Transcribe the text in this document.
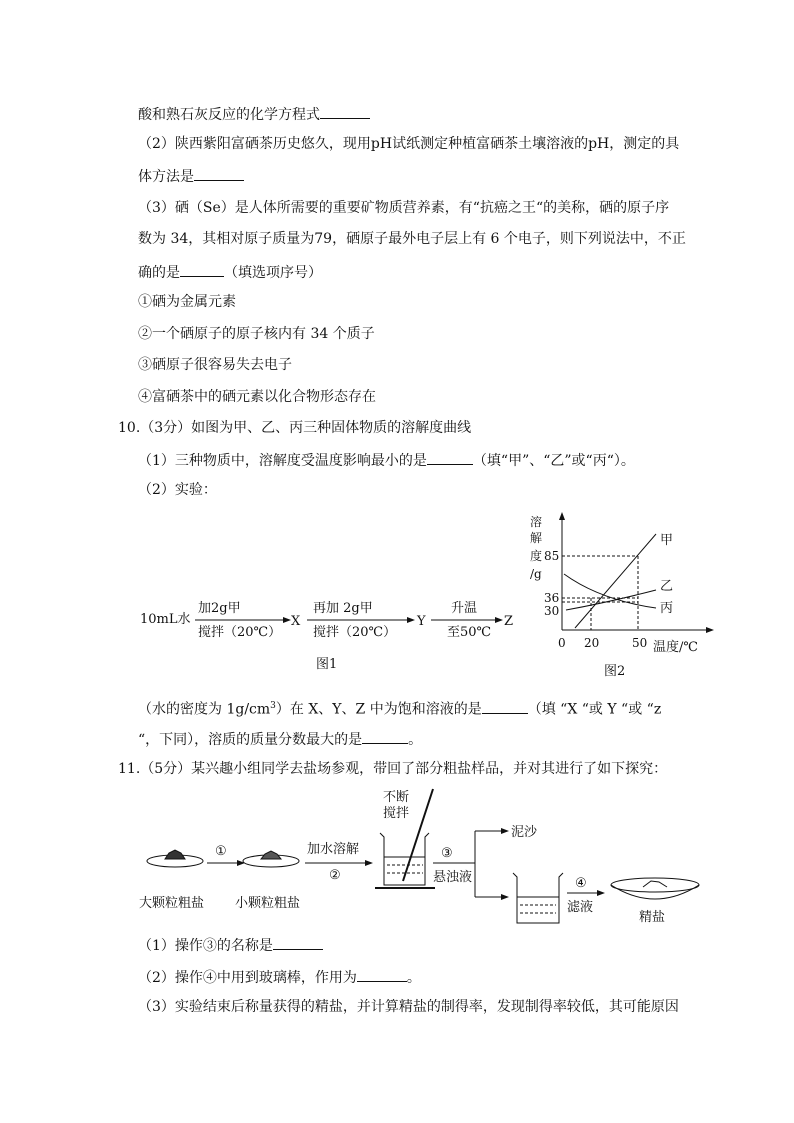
酸和熟石灰反应的化学方程式
（2）陕西紫阳富硒茶历史悠久，现用pH试纸测定种植富硒茶土壤溶液的pH，测定的具
体方法是
（3）硒（Se）是人体所需要的重要矿物质营养素，有“抗癌之王“的美称，硒的原子序
数为 34，其相对原子质量为79，硒原子最外电子层上有 6 个电子，则下列说法中，不正
确的是	（填选项序号）
①硒为金属元素
②一个硒原子的原子核内有 34 个质子
③硒原子很容易失去电子
④富硒茶中的硒元素以化合物形态存在
10.（3分）如图为甲、乙、丙三种固体物质的溶解度曲线
（1）三种物质中，溶解度受温度影响最小的是	（填“甲”、“乙”或“丙“）。
（2）实验：
10mL水
加2g甲
搅拌（20℃）
X
再加 2g甲
搅拌（20℃）
Y
升温
至50℃
Z
图1
溶
解
度
/g
85
36
30
0 20	50 温度/℃
甲
乙
丙
图2
（水的密度为 $1g/cm^3$）在 X、Y、Z 中为饱和溶液的是	（填 “X “或 Y “或 “z
“，下同），溶质的质量分数最大的是	。
11.（5分）某兴趣小组同学去盐场参观，带回了部分粗盐样品，并对其进行了如下探究：
大颗粒粗盐
①
小颗粒粗盐
加水溶解
②
不断
搅拌
③
悬浊液
泥沙
④
滤液
精盐
（1）操作③的名称是
（2）操作④中用到玻璃棒，作用为	。
（3）实验结束后称量获得的精盐，并计算精盐的制得率，发现制得率较低，其可能原因
